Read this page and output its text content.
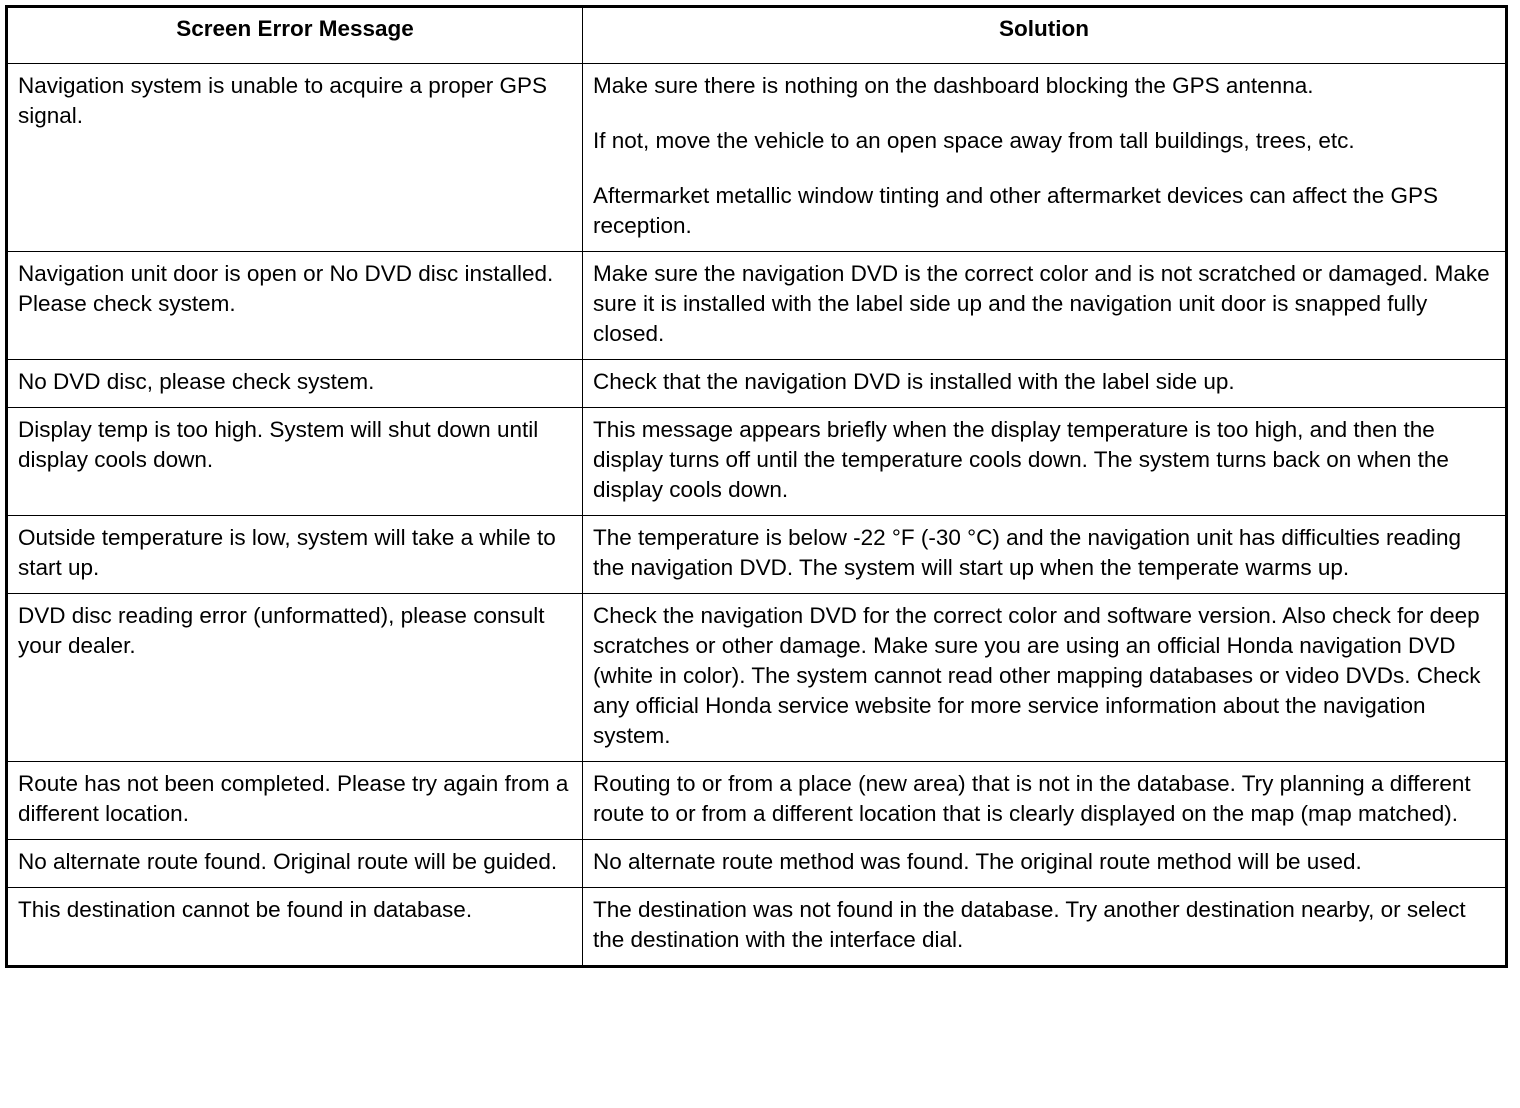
Screen Error Message	Solution
Navigation system is unable to acquire a proper GPS signal.	Make sure there is nothing on the dashboard blocking the GPS antenna.
If not, move the vehicle to an open space away from tall buildings, trees, etc.
Aftermarket metallic window tinting and other aftermarket devices can affect the GPS reception.

Navigation unit door is open or No DVD disc installed. Please check system.	Make sure the navigation DVD is the correct color and is not scratched or damaged. Make sure it is installed with the label side up and the navigation unit door is snapped fully closed.

No DVD disc, please check system.	Check that the navigation DVD is installed with the label side up.

Display temp is too high. System will shut down until display cools down.	This message appears briefly when the display temperature is too high, and then the display turns off until the temperature cools down. The system turns back on when the display cools down.

Outside temperature is low, system will take a while to start up.	The temperature is below -22 °F (-30 °C) and the navigation unit has difficulties reading the navigation DVD. The system will start up when the temperate warms up.

DVD disc reading error (unformatted), please consult your dealer.	Check the navigation DVD for the correct color and software version. Also check for deep scratches or other damage. Make sure you are using an official Honda navigation DVD (white in color). The system cannot read other mapping databases or video DVDs. Check any official Honda service website for more service information about the navigation system.

Route has not been completed. Please try again from a different location.	Routing to or from a place (new area) that is not in the database. Try planning a different route to or from a different location that is clearly displayed on the map (map matched).

No alternate route found. Original route will be guided.	No alternate route method was found. The original route method will be used.

This destination cannot be found in database.	The destination was not found in the database. Try another destination nearby, or select the destination with the interface dial.
